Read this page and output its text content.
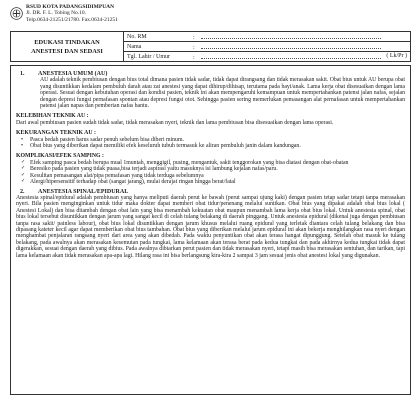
RSUD KOTA PADANGSIDIMPUAN
Jl. DR. F. L. Tobing No.10.
Telp.0634-21251/21780. Fax.0634-21251
EDUKASI TINDAKAN
ANESTESI DAN SEDASI	No. RM	:
	Nama	:
	Tgl. Lahir / Umur	: ( Lk/Pr )
1. ANESTESIA UMUM (AU)

AU adalah teknik pembiusan dengan bius total dimana pasien tidak sadar, tidak dapat dirangsang dan tidak merasakan sakit. Obat bius untuk AU berupa obat yang disuntikkan kedalam pembuluh darah atau zat anestesi yang dapat dihirup/dihisap, terutama pada bayi/anak. Lama kerja obat disesuaikan dengan lama operasi. Sesuai dengan kebutuhan operasi dan kondisi pasien, teknik ini akan mempengaruhi kemampuan untuk mempertahankan patensi jalan nafas, sejalan dengan depresi fungsi pernafasan spontan atau depresi fungsi otot. Sehingga pasien sering memerlukan pemasangan alat pernafasan untuk mempertahankan patensi jalan napas dan pemberian nafas bantu.

KELEBIHAN TEKNIK AU :

Dari awal pembiusan pasien sudah tidak sadar, tidak merasakan nyeri, teknik dan lama pembiusan bisa disesuaikan dengan lama operasi.

KEKURANGAN TEKNIK AU :
• Pasca bedah pasien harus sadar penuh sebelum bisa diberi minum.
• Obat bius yang diberikan dapat memiliki efek keseluruh tubuh termasuk ke aliran pembuluh janin dalam kandungan.
KOMPLIKASI/EFEK SAMPING :
✓ Efek samping pasca bedah berupa mual 1muntah, menggigil, pusing, mengantuk, sakit tenggorokan yang bisa diatasi dengan obat-obatan
✓ Beresiko pada pasien yang tidak puasa,bisa terjadi aspirasi yaitu masuknya isi lambung kejalan nafas/paru.
✓ Kesulitan pemasangan alat/pipa pemafasan yang tidak terduga sebelumnya
✓ Alergi/hipersensitif terhadap obat (sangat jarang), mulai derajat ringan hingga berat/fatal
2. ANESTESIA SPINAL/EPIDURAL

Anestesia spinal/epidural adalah pembiusan yang hanya meliputi daerah perut ke bawah (perut sampai ujung kaki) dengan pasien tetap sadar tetapi tanpa merasakan nyeri. Bila pasien menginginkan untuk tidur maka dokter dapat memberi obat tidur/penenang melalui suntikan. Obat bius yang dipakai adalah obat bius lokal ( Anestesi Lokal) dan bisa ditambah dengan obat lain yang bisa menambah kekuatan obat maupun menambah lama kerja obat bius lokal. Untuk anestesia spinal, obat bius lokal tersebut disuntikkan dengan jarum yang sangat kecil di celah tulang belakang di daerah pinggang. Untuk anestesia epidural (dikenal juga dengan pembiusan tanpa rasa sakit/ painless labour), obat bius lokal disuntikkan dengan jarum khusus melalui ruang epidural yang terletak diantara celah tulang belakang dan bisa dipasang kateter kecil agar dapat memberikan obat bius tambahan. Obat bius yang diberikan melalui jarum epidural ini akan bekerja menghilangkan rasa nyeri dengan menghambat penjalaran rangsang nyeri dari area yang akan dibedah. Pada waktu penyuntikan obat akan terasa hangat dipunggung. Setelah obat masuk ke tulang belakang, pada awalnya akan merasakan kesemutan pada tungkai, lama kelamaan akan terasa berat pada kedua tungkai dan pada akhirnya kedua tungkai tidak dapat digerakkan, sesuai dengan daerah yang dibius. Pada awalnya dibiarkan perut pasien dan tidak merasakan nyeri, tetapi masih bisa merasakan sentuhan, dan tarikan, tapi lama kelamaan akan tidak merasakan apa-apa lagi. Hilang rasa ini bisa berlangsung kira-kira 2 sampai 3 jam sesuai jenis obat anestesi lokal yang digunakan.
